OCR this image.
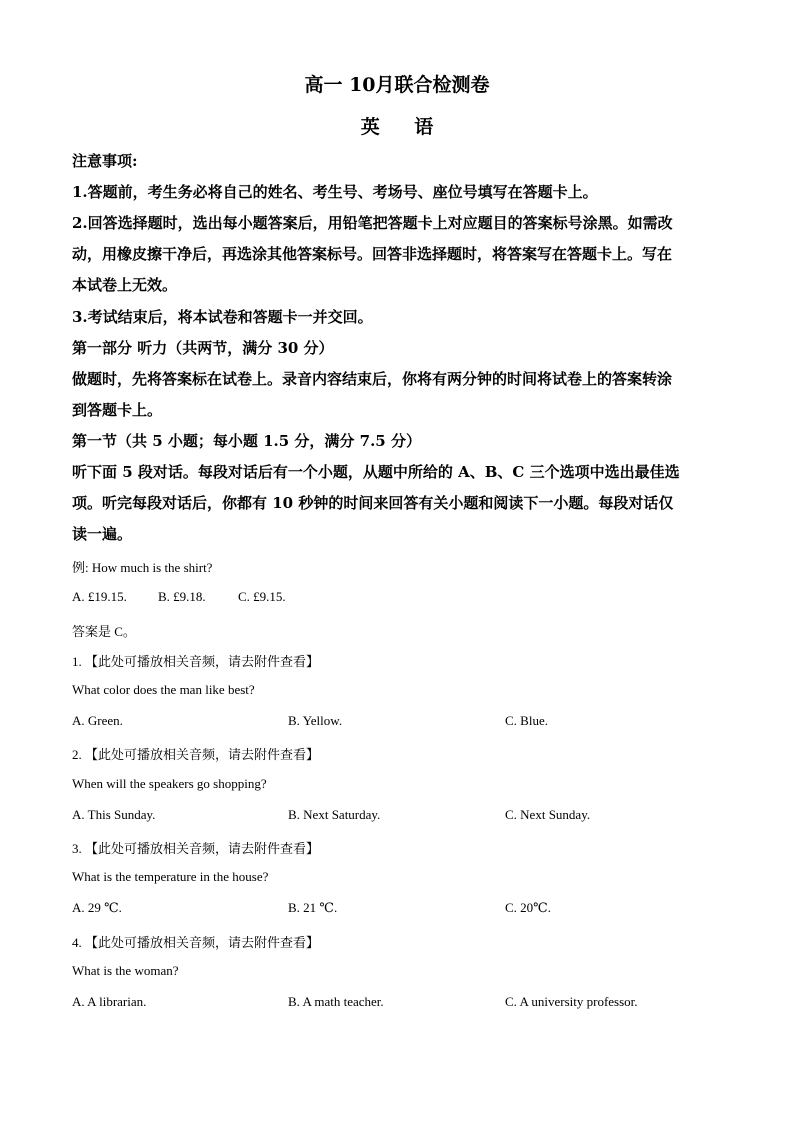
高一 10月联合检测卷
英 语
注意事项:
1.答题前，考生务必将自己的姓名、考生号、考场号、座位号填写在答题卡上。
2.回答选择题时，选出每小题答案后，用铅笔把答题卡上对应题目的答案标号涂黑。如需改
动，用橡皮擦干净后，再选涂其他答案标号。回答非选择题时，将答案写在答题卡上。写在
本试卷上无效。
3.考试结束后，将本试卷和答题卡一并交回。
第一部分 听力（共两节，满分 30 分）
做题时，先将答案标在试卷上。录音内容结束后，你将有两分钟的时间将试卷上的答案转涂
到答题卡上。
第一节（共 5 小题；每小题 1.5 分，满分 7.5 分）
听下面 5 段对话。每段对话后有一个小题，从题中所给的 A、B、C 三个选项中选出最佳选
项。听完每段对话后，你都有 10 秒钟的时间来回答有关小题和阅读下一小题。每段对话仅
读一遍。
例: How much is the shirt?
A. £19.15. B. £9.18. C. £9.15.
答案是 C。
1. 【此处可播放相关音频，请去附件查看】
What color does the man like best?
A. Green.	B. Yellow.	C. Blue.
2. 【此处可播放相关音频，请去附件查看】
When will the speakers go shopping?
A. This Sunday.	B. Next Saturday.	C. Next Sunday.
3. 【此处可播放相关音频，请去附件查看】
What is the temperature in the house?
A. 29 ℃.	B. 21 ℃.	C. 20℃.
4. 【此处可播放相关音频，请去附件查看】
What is the woman?
A. A librarian.	B. A math teacher.	C. A university professor.
